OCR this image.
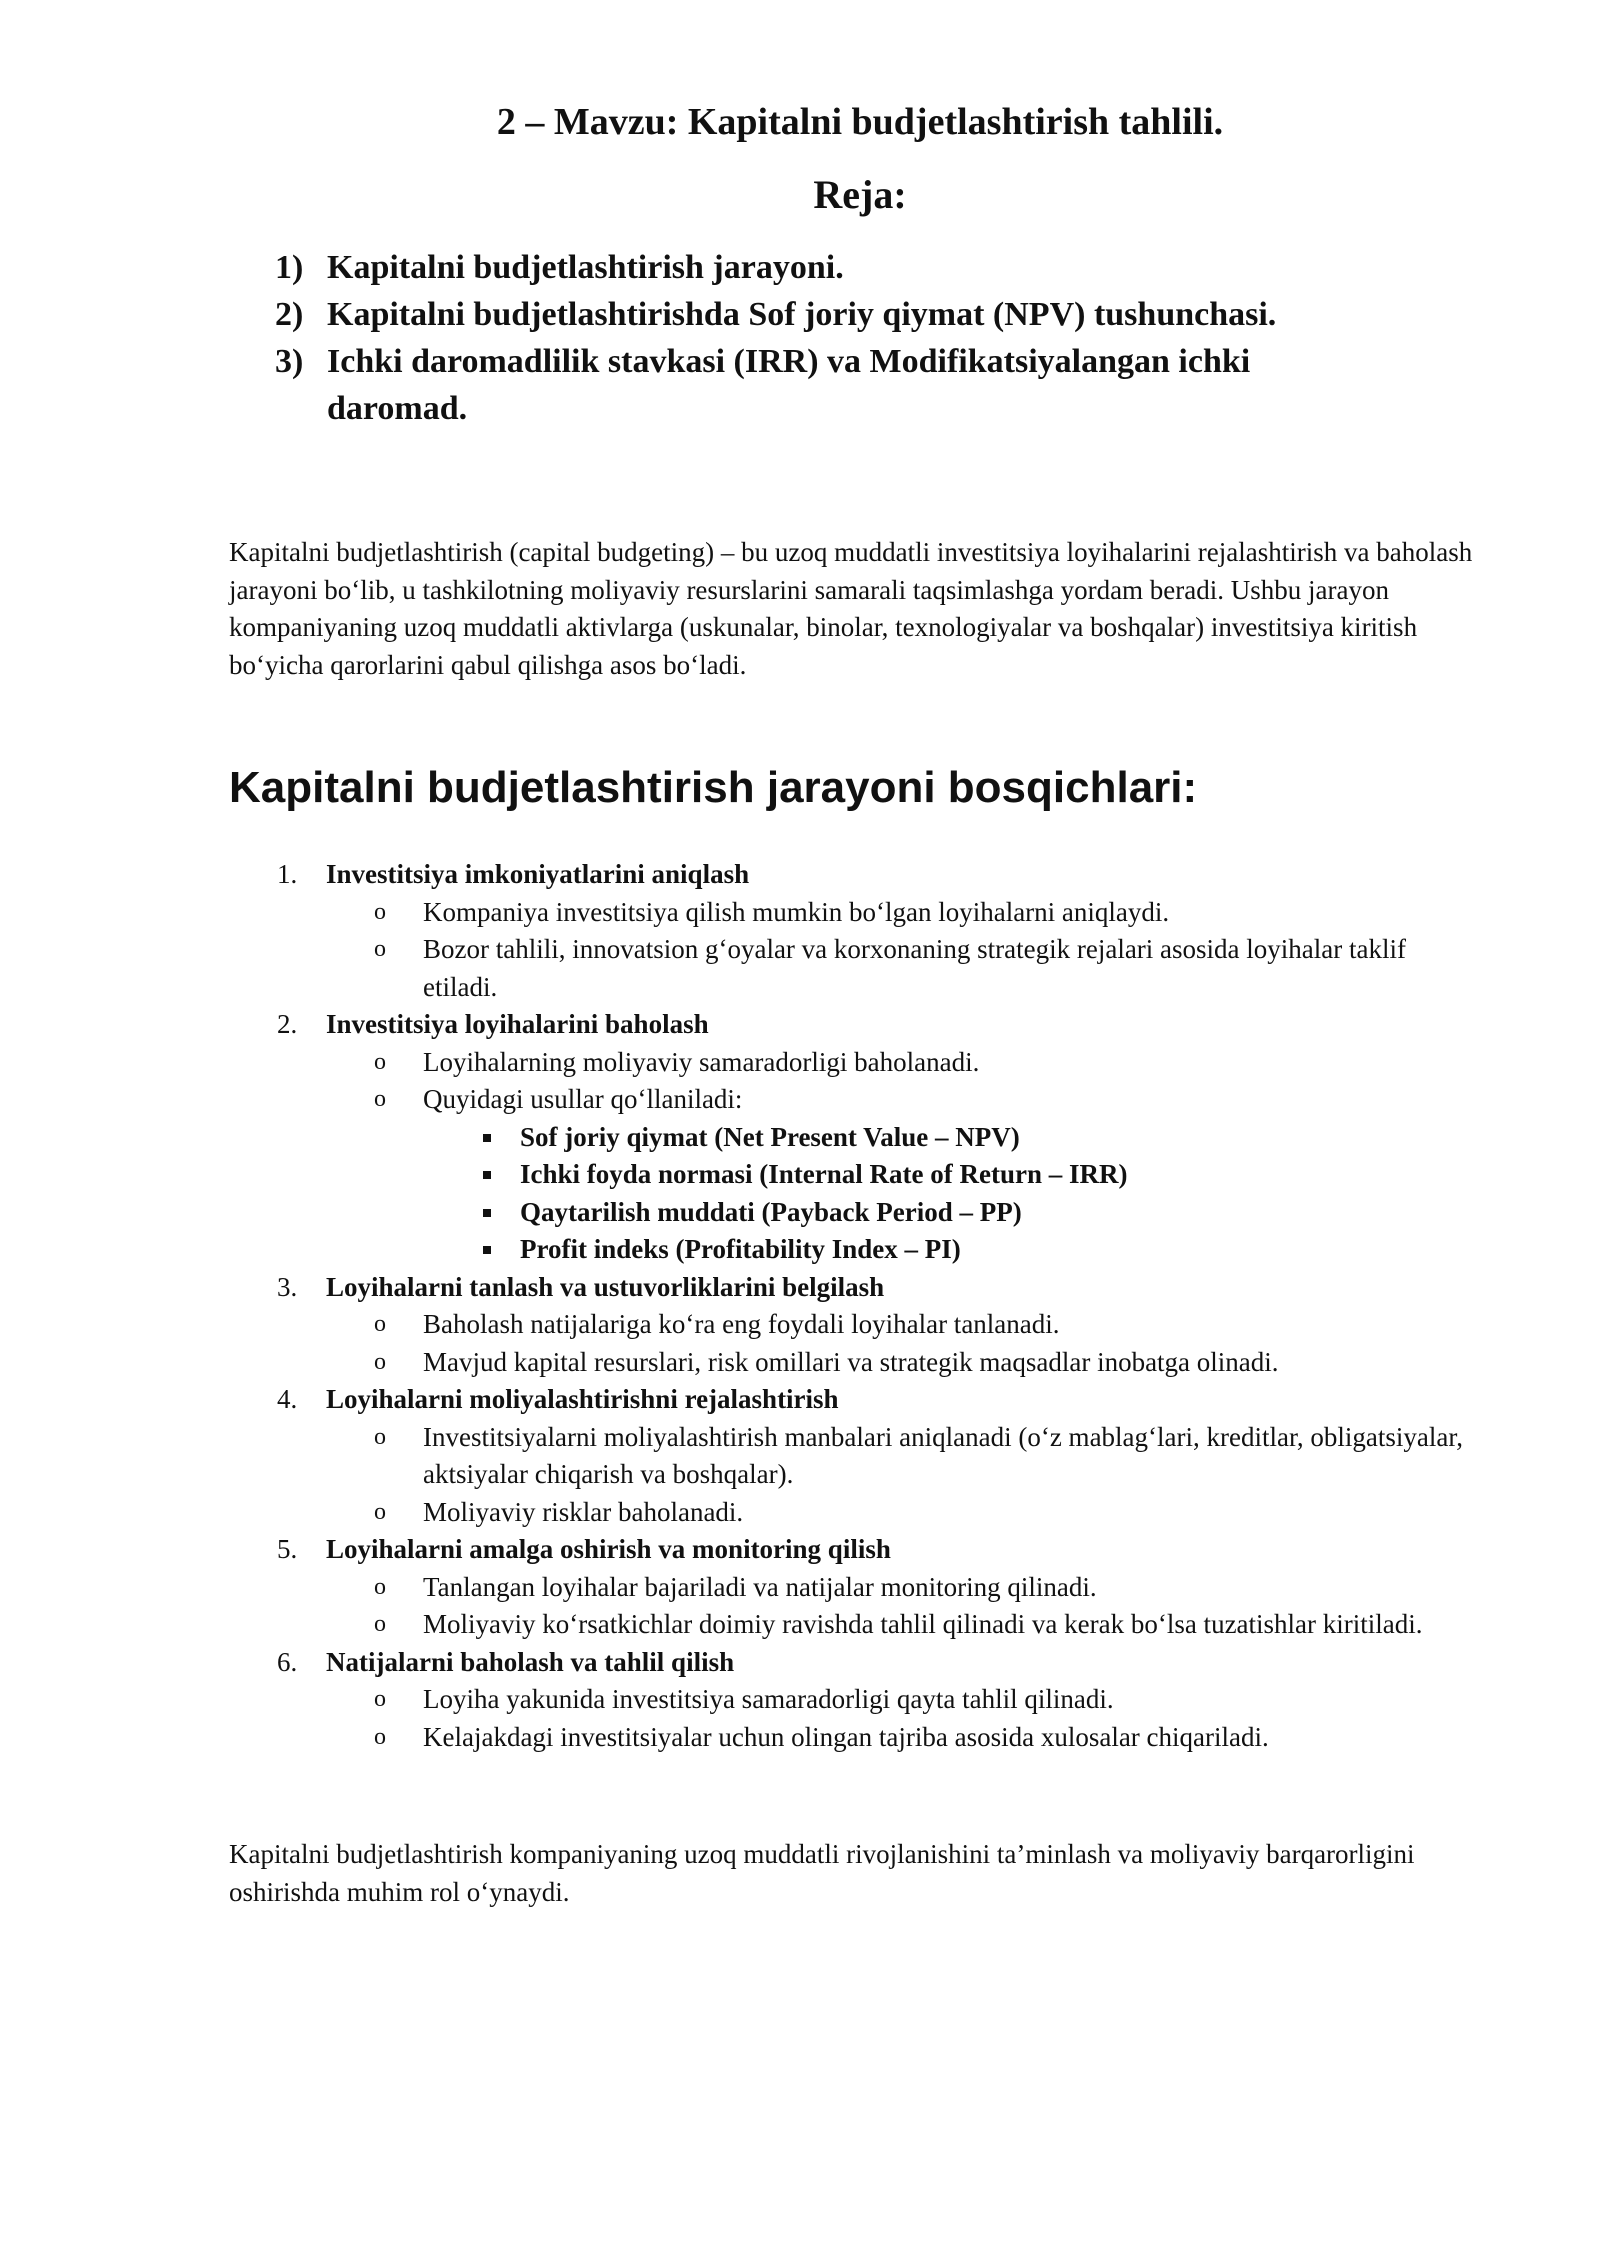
2 – Mavzu: Kapitalni budjetlashtirish tahlili.
Reja:
1) Kapitalni budjetlashtirish jarayoni.
2) Kapitalni budjetlashtirishda Sof joriy qiymat (NPV) tushunchasi.
3) Ichki daromadlilik stavkasi (IRR) va Modifikatsiyalangan ichki daromad.

Kapitalni budjetlashtirish (capital budgeting) – bu uzoq muddatli investitsiya loyihalarini rejalashtirish va baholash jarayoni bo‘lib, u tashkilotning moliyaviy resurslarini samarali taqsimlashga yordam beradi. Ushbu jarayon kompaniyaning uzoq muddatli aktivlarga (uskunalar, binolar, texnologiyalar va boshqalar) investitsiya kiritish bo‘yicha qarorlarini qabul qilishga asos bo‘ladi.

Kapitalni budjetlashtirish jarayoni bosqichlari:
1. Investitsiya imkoniyatlarini aniqlash
o Kompaniya investitsiya qilish mumkin bo‘lgan loyihalarni aniqlaydi.
o Bozor tahlili, innovatsion g‘oyalar va korxonaning strategik rejalari asosida loyihalar taklif etiladi.
2. Investitsiya loyihalarini baholash
o Loyihalarning moliyaviy samaradorligi baholanadi.
o Quyidagi usullar qo‘llaniladi:
Sof joriy qiymat (Net Present Value – NPV)
Ichki foyda normasi (Internal Rate of Return – IRR)
Qaytarilish muddati (Payback Period – PP)
Profit indeks (Profitability Index – PI)
3. Loyihalarni tanlash va ustuvorliklarini belgilash
o Baholash natijalariga ko‘ra eng foydali loyihalar tanlanadi.
o Mavjud kapital resurslari, risk omillari va strategik maqsadlar inobatga olinadi.
4. Loyihalarni moliyalashtirishni rejalashtirish
o Investitsiyalarni moliyalashtirish manbalari aniqlanadi (o‘z mablag‘lari, kreditlar, obligatsiyalar, aktsiyalar chiqarish va boshqalar).
o Moliyaviy risklar baholanadi.
5. Loyihalarni amalga oshirish va monitoring qilish
o Tanlangan loyihalar bajariladi va natijalar monitoring qilinadi.
o Moliyaviy ko‘rsatkichlar doimiy ravishda tahlil qilinadi va kerak bo‘lsa tuzatishlar kiritiladi.
6. Natijalarni baholash va tahlil qilish
o Loyiha yakunida investitsiya samaradorligi qayta tahlil qilinadi.
o Kelajakdagi investitsiyalar uchun olingan tajriba asosida xulosalar chiqariladi.

Kapitalni budjetlashtirish kompaniyaning uzoq muddatli rivojlanishini ta’minlash va moliyaviy barqarorligini oshirishda muhim rol o‘ynaydi.
